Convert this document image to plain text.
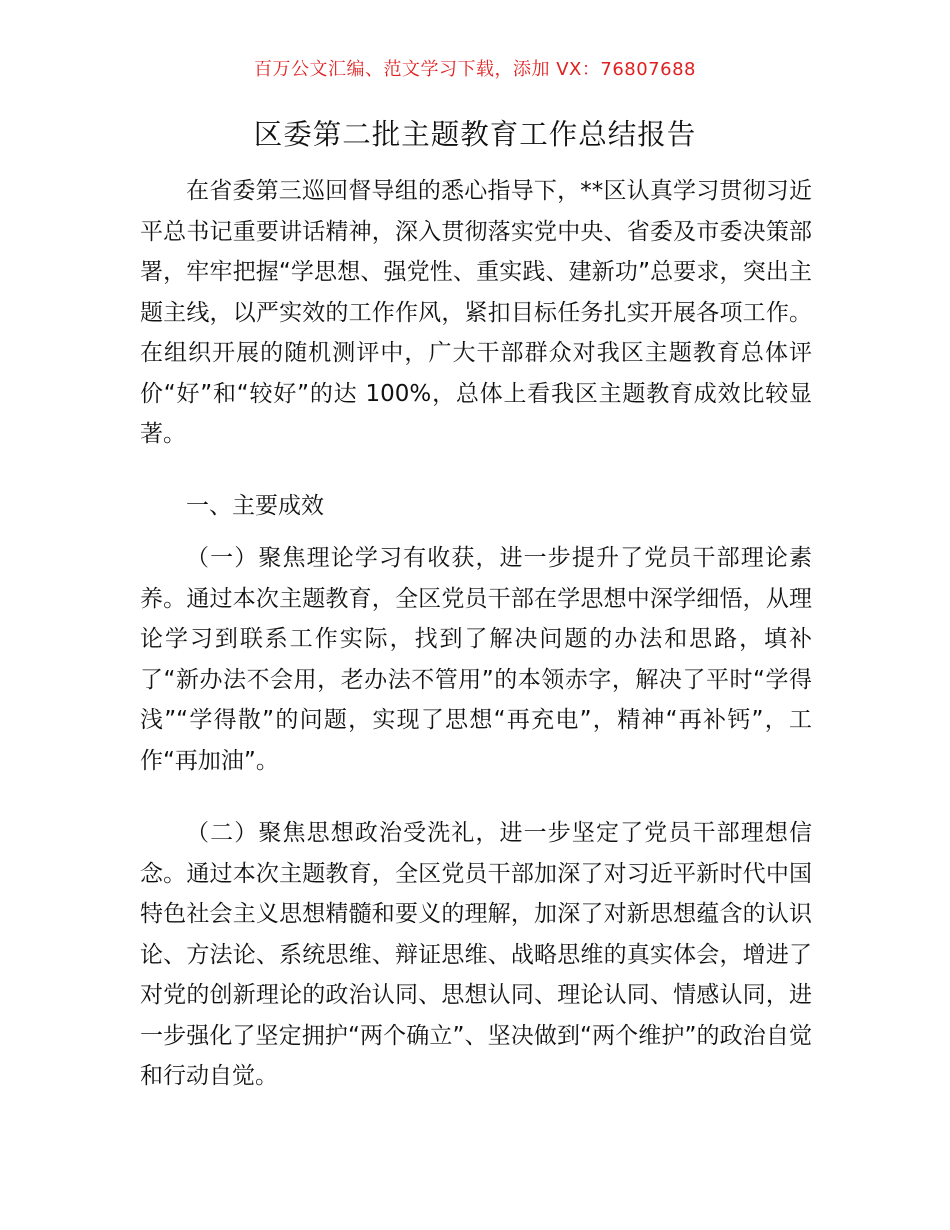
百万公文汇编、范文学习下载，添加 VX：76807688
区委第二批主题教育工作总结报告

在省委第三巡回督导组的悉心指导下，**区认真学习贯彻习近平总书记重要讲话精神，深入贯彻落实党中央、省委及市委决策部署，牢牢把握“学思想、强党性、重实践、建新功”总要求，突出主题主线，以严实效的工作作风，紧扣目标任务扎实开展各项工作。在组织开展的随机测评中，广大干部群众对我区主题教育总体评价“好”和“较好”的达 100%，总体上看我区主题教育成效比较显著。

一、主要成效

（一）聚焦理论学习有收获，进一步提升了党员干部理论素养。通过本次主题教育，全区党员干部在学思想中深学细悟，从理论学习到联系工作实际，找到了解决问题的办法和思路，填补了“新办法不会用，老办法不管用”的本领赤字，解决了平时“学得浅”“学得散”的问题，实现了思想“再充电”，精神“再补钙”，工作“再加油”。

（二）聚焦思想政治受洗礼，进一步坚定了党员干部理想信念。通过本次主题教育，全区党员干部加深了对习近平新时代中国特色社会主义思想精髓和要义的理解，加深了对新思想蕴含的认识论、方法论、系统思维、辩证思维、战略思维的真实体会，增进了对党的创新理论的政治认同、思想认同、理论认同、情感认同，进一步强化了坚定拥护“两个确立”、坚决做到“两个维护”的政治自觉和行动自觉。
